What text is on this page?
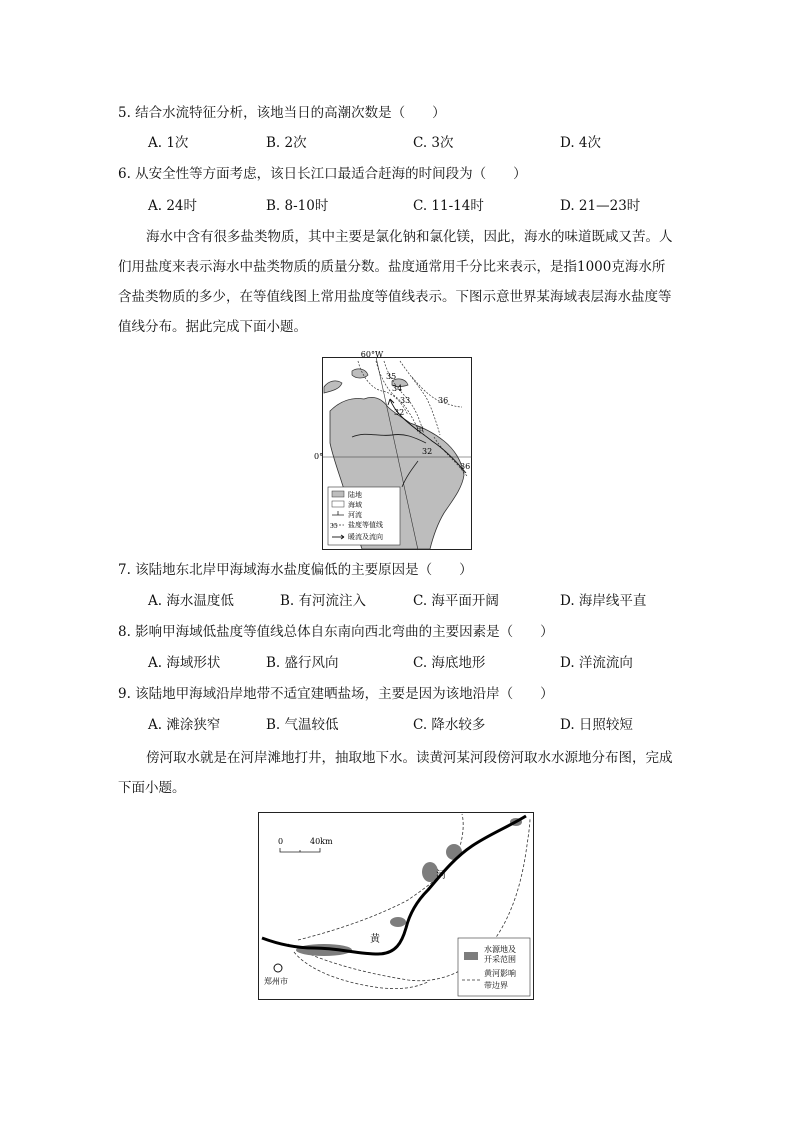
5. 结合水流特征分析，该地当日的高潮次数是（　　）
A. 1次	B. 2次	C. 3次	D. 4次
6. 从安全性等方面考虑，该日长江口最适合赶海的时间段为（　　）
A. 24时	B. 8-10时	C. 11-14时	D. 21—23时

海水中含有很多盐类物质，其中主要是氯化钠和氯化镁，因此，海水的味道既咸又苦。人们用盐度来表示海水中盐类物质的质量分数。盐度通常用千分比来表示，是指1000克海水所含盐类物质的多少，在等值线图上常用盐度等值线表示。下图示意世界某海域表层海水盐度等值线分布。据此完成下面小题。

60°W
0°
35
34
33
32
36
32
36
甲
陆地
海域
河流
35 盐度等值线
暖流及流向
7. 该陆地东北岸甲海域海水盐度偏低的主要原因是（　　）
A. 海水温度低	B. 有河流注入	C. 海平面开阔	D. 海岸线平直
8. 影响甲海域低盐度等值线总体自东南向西北弯曲的主要因素是（　　）
A. 海域形状	B. 盛行风向	C. 海底地形	D. 洋流流向
9. 该陆地甲海域沿岸地带不适宜建晒盐场，主要是因为该地沿岸（　　）
A. 滩涂狭窄	B. 气温较低	C. 降水较多	D. 日照较短

傍河取水就是在河岸滩地打井，抽取地下水。读黄河某河段傍河取水水源地分布图，完成下面小题。

0	40km
河
黄
郑州市
水源地及
开采范围
黄河影响
带边界
